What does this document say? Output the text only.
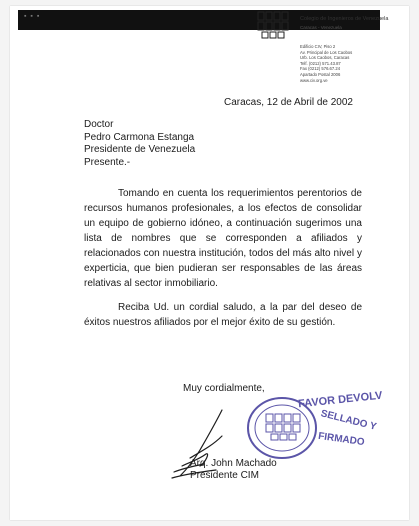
▪ ▪ ▪	Colegio de Ingenieros de Venezuela
Caracas - Venezuela
Edificio CIV, Piso 2
Av. Principal de Los Caobos
Urb. Los Caobos, Caracas
Telf. (0212) 571.43.87
Fax (0212) 576.67.24
Apartado Postal 2006
www.civ.org.ve
Caracas, 12 de Abril de 2002
Doctor
Pedro Carmona Estanga
Presidente de Venezuela
Presente.-

Tomando en cuenta los requerimientos perentorios de recursos humanos profesionales, a los efectos de consolidar un equipo de gobierno idóneo, a continuación sugerimos una lista de nombres que se corresponden a afiliados y relacionados con nuestra institución, todos del más alto nivel y experticia, que bien pudieran ser responsables de las áreas relativas al sector inmobiliario.

Reciba Ud. un cordial saludo, a la par del deseo de éxitos nuestros afiliados por el mejor éxito de su gestión.

Muy cordialmente,
Arq. John Machado
Presidente CIM
FAVOR DEVOLV
SELLADO Y
FIRMADO
